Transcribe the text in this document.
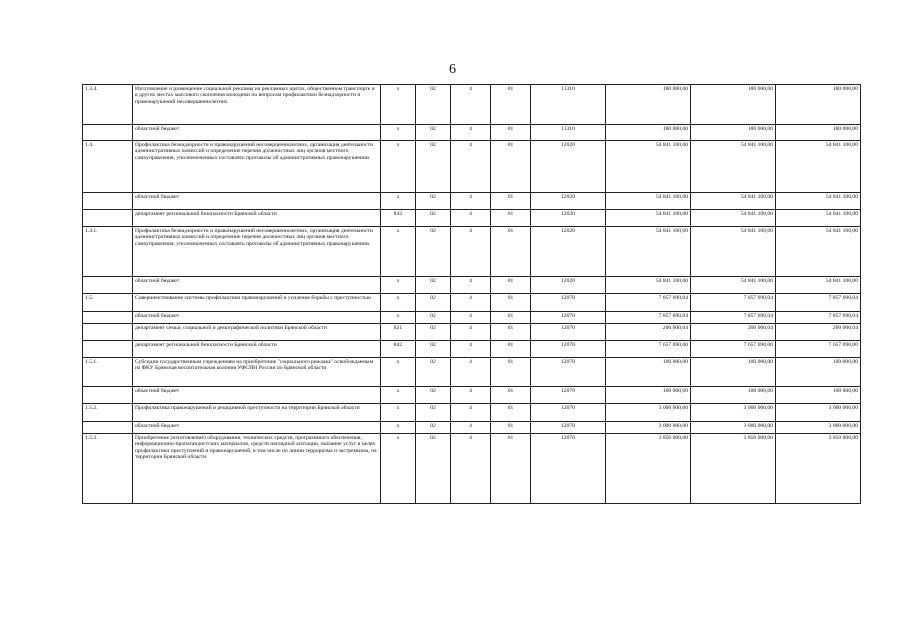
6
1.3.4.	Изготовление и размещение социальной рекламы на рекламных щитах, общественном транспорте и в других местах массового скопления молодежи по вопросам профилактики безнадзорности и правонарушений несовершеннолетних	x	02	4	01	11310	180 000,00	180 000,00	180 000,00
	областной бюджет	x	02	4	01	11310	180 000,00	180 000,00	180 000,00
1.4.	Профилактика безнадзорности и правонарушений несовершеннолетних, организация деятельности административных комиссий и определение перечня должностных лиц органов местного самоуправления, уполномоченных составлять протоколы об административных правонарушениях	x	02	4	01	12020	54 841 100,00	54 841 100,00	54 841 100,00
	областной бюджет	x	02	4	01	12020	54 841 100,00	54 841 100,00	54 841 100,00
	департамент региональной безопасности Брянской области	842	02	4	01	12020	54 841 100,00	54 841 100,00	54 841 100,00
1.4.1.	Профилактика безнадзорности и правонарушений несовершеннолетних, организация деятельности административных комиссий и определение перечня должностных лиц органов местного самоуправления, уполномоченных составлять протоколы об административных правонарушениях	x	02	4	01	12020	54 841 100,00	54 841 100,00	54 841 100,00
	областной бюджет	x	02	4	01	12020	54 841 100,00	54 841 100,00	54 841 100,00
1.5.	Совершенствование системы профилактики правонарушений и усиление борьбы с преступностью	x	02	4	01	12070	7 857 690,04	7 857 690,04	7 857 690,04
	областной бюджет	x	02	4	01	12070	7 857 690,04	7 857 690,04	7 857 690,04
	департамент семьи, социальной и демографической политики Брянской области	821	02	4	01	12070	200 000,04	200 000,04	200 000,04
	департамент региональной безопасности Брянской области	842	02	4	01	12070	7 657 690,00	7 657 690,00	7 657 690,00
1.5.1.	Субсидии государственным учреждениям на приобретение "социального рюкзака" освобождаемым из ФКУ Брянская воспитательная колония УФСИН России по Брянской области	x	02	4	01	12070	100 000,00	100 000,00	100 000,00
	областной бюджет	x	02	4	01	12070	100 000,00	100 000,00	100 000,00
1.5.2.	Профилактика правонарушений и рецидивной преступности на территории Брянской области	x	02	4	01	12070	3 000 000,00	3 000 000,00	3 000 000,00
	областной бюджет	x	02	4	01	12070	3 000 000,00	3 000 000,00	3 000 000,00
1.5.3.	Приобретение (изготовление) оборудования, технических средств, программного обеспечения, информационно-пропагандистских материалов, средств наглядной агитации, оказание услуг в целях профилактики преступлений и правонарушений, в том числе по линии терроризма и экстремизма, на территории Брянской области	x	02	4	01	12070	3 850 000,00	3 850 000,00	3 850 000,00
